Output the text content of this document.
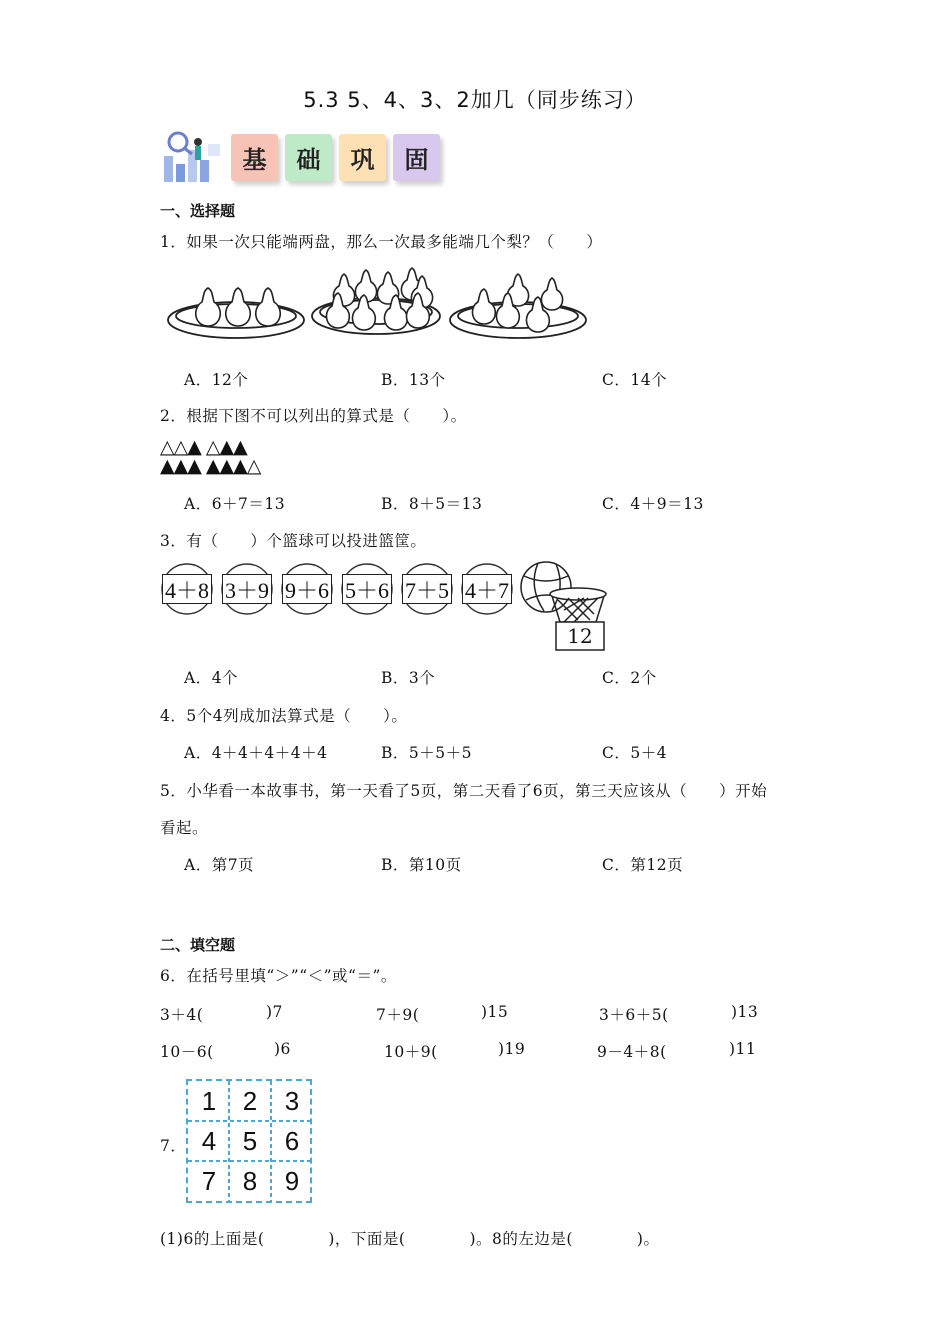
5.3 5、4、3、2加几（同步练习）
基	础	巩	固
一、选择题
1．如果一次只能端两盘，那么一次最多能端几个梨？（　　）
A．12个	B．13个	C．14个
2．根据下图不可以列出的算式是（　　）。
△△▲ △▲▲
▲▲▲ ▲▲▲△
A．6＋7＝13	B．8＋5＝13	C．4＋9＝13
3．有（　　）个篮球可以投进篮筐。
4＋8 3＋9 9＋6 5＋6 7＋5 4＋7
12
A．4个	B．3个	C．2个
4．5个4列成加法算式是（　　）。
A．4＋4＋4＋4＋4	B．5＋5＋5	C．5＋4
5．小华看一本故事书，第一天看了5页，第二天看了6页，第三天应该从（　　）开始
看起。
A．第7页	B．第10页	C．第12页
二、填空题
6．在括号里填“＞”“＜”或“＝”。
3＋4(	)7	7＋9(	)15	3＋6＋5(	)13
10－6(	)6	10＋9(	)19	9－4＋8(	)11
7．
1	2	3
4	5	6
7	8	9
(1)6的上面是(　　　　)，下面是(　　　　)。8的左边是(　　　　)。
